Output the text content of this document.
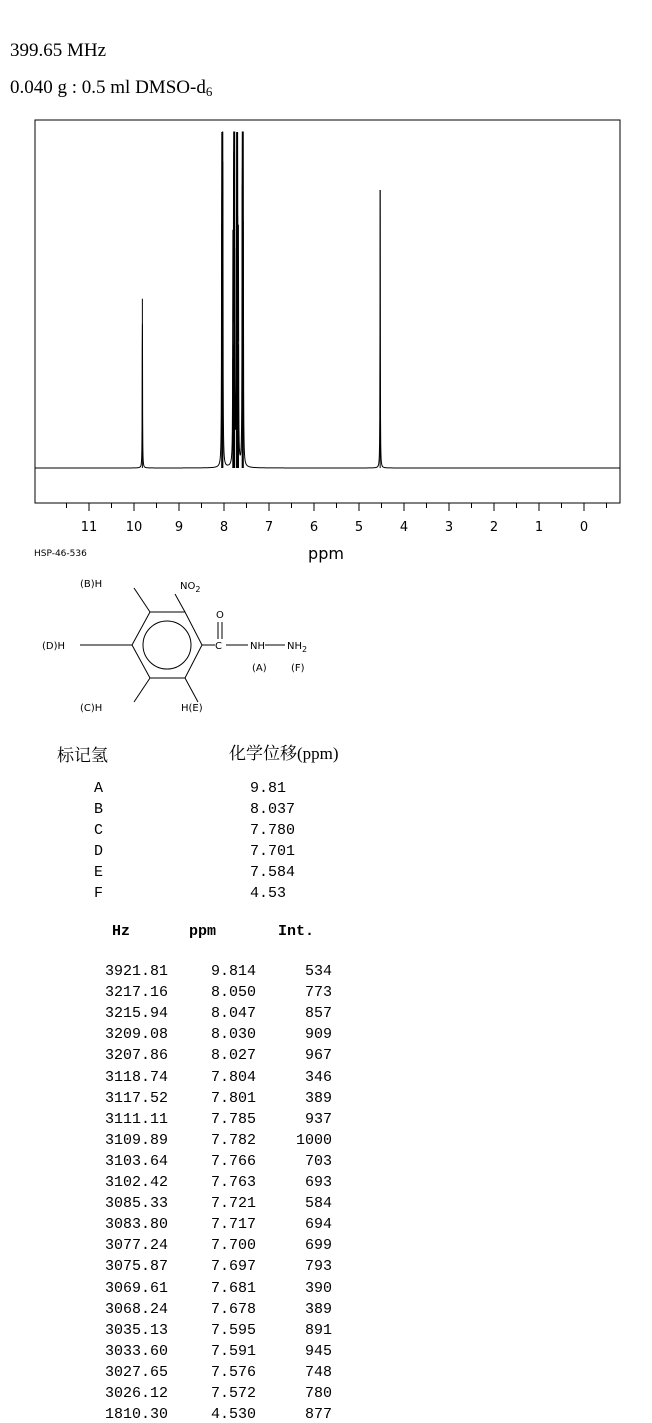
399.65 MHz
0.040 g : 0.5 ml DMSO-$d_6$
11 10	9	8	7	6	5	4	3	2	1	0
ppm
HSP-46-536
(B)H
(D)H
(C)H	H(E)
$NO_2$
O
C	NH $NH_2$
(A) (F)
标记氢	化学位移(ppm)
A	9.81
B	8.037
C	7.780
D	7.701
E	7.584
F	4.53
Hz	ppm	Int.
3921.81	9.814	534
3217.16	8.050	773
3215.94	8.047	857
3209.08	8.030	909
3207.86	8.027	967
3118.74	7.804	346
3117.52	7.801	389
3111.11	7.785	937
3109.89	7.782	1000
3103.64	7.766	703
3102.42	7.763	693
3085.33	7.721	584
3083.80	7.717	694
3077.24	7.700	699
3075.87	7.697	793
3069.61	7.681	390
3068.24	7.678	389
3035.13	7.595	891
3033.60	7.591	945
3027.65	7.576	748
3026.12	7.572	780
1810.30	4.530	877
